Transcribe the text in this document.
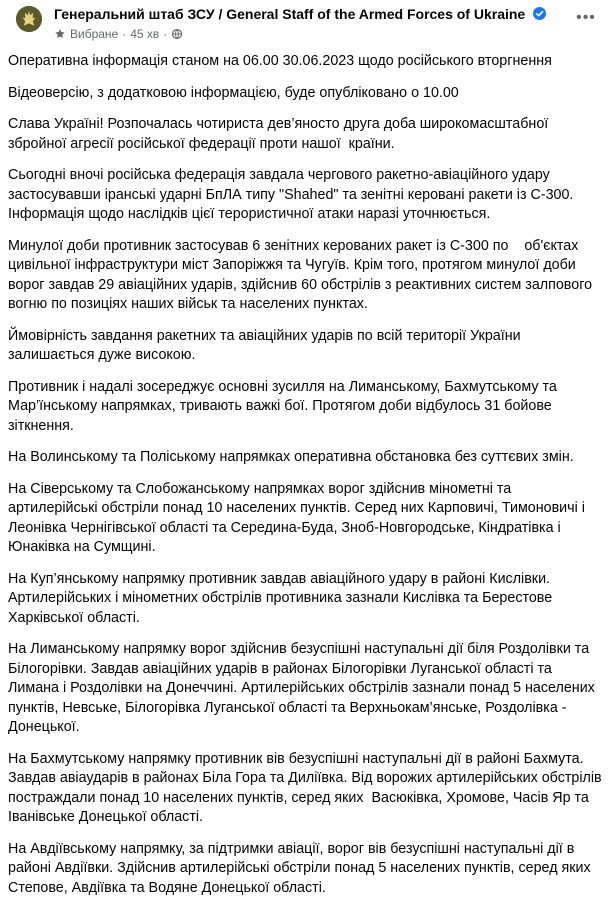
Генеральний штаб ЗСУ / General Staff of the Armed Forces of Ukraine
Вибране · 45 хв ·
•••

Оперативна інформація станом на 06.00 30.06.2023 щодо російського вторгнення

Відеоверсію, з додатковою інформацією, буде опубліковано о 10.00

Слава Україні! Розпочалась чотириста дев’яносто друга доба широкомасштабної збройної агресії російської федерації проти нашої  країни.

Сьогодні вночі російська федерація завдала чергового ракетно-авіаційного удару застосувавши іранські ударні БпЛА типу "Shahed" та зенітні керовані ракети із С-300. Інформація щодо наслідків цієї терористичної атаки наразі уточнюється.

Минулої доби противник застосував 6 зенітних керованих ракет із С-300 по    об'єктах цивільної інфраструктури міст Запоріжжя та Чугуїв. Крім того, протягом минулої доби ворог завдав 29 авіаційних ударів, здійснив 60 обстрілів з реактивних систем залпового вогню по позиціях наших військ та населених пунктах.

Ймовірність завдання ракетних та авіаційних ударів по всій території України залишається дуже високою.

Противник і надалі зосереджує основні зусилля на Лиманському, Бахмутському та Мар’їнському напрямках, тривають важкі бої. Протягом доби відбулось 31 бойове зіткнення.

На Волинському та Поліському напрямках оперативна обстановка без суттєвих змін.

На Сіверському та Слобожанському напрямках ворог здійснив мінометні та артилерійські обстріли понад 10 населених пунктів. Серед них Карповичі, Тимоновичі і Леонівка Чернігівської області та Середина-Буда, Зноб-Новгородське, Кіндратівка і Юнаківка на Сумщині.

На Куп’янському напрямку противник завдав авіаційного удару в районі Кислівки. Артилерійських і мінометних обстрілів противника зазнали Кислівка та Берестове Харківської області.

На Лиманському напрямку ворог здійснив безуспішні наступальні дії біля Роздолівки та Білогорівки. Завдав авіаційних ударів в районах Білогорівки Луганської області та  Лимана і Роздолівки на Донеччині. Артилерійських обстрілів зазнали понад 5 населених пунктів, Невське, Білогорівка Луганської області та Верхньокам’янське, Роздолівка - Донецької.

На Бахмутському напрямку противник вів безуспішні наступальні дії в районі Бахмута. Завдав авіаударів в районах Біла Гора та Диліївка. Від ворожих артилерійських обстрілів постраждали понад 10 населених пунктів, серед яких  Васюківка, Хромове, Часів Яр та Іванівське Донецької області.

На Авдіївському напрямку, за підтримки авіації, ворог вів безуспішні наступальні дії в районі Авдіївки. Здійснив артилерійські обстріли понад 5 населених пунктів, серед яких Степове, Авдіївка та Водяне Донецької області.
